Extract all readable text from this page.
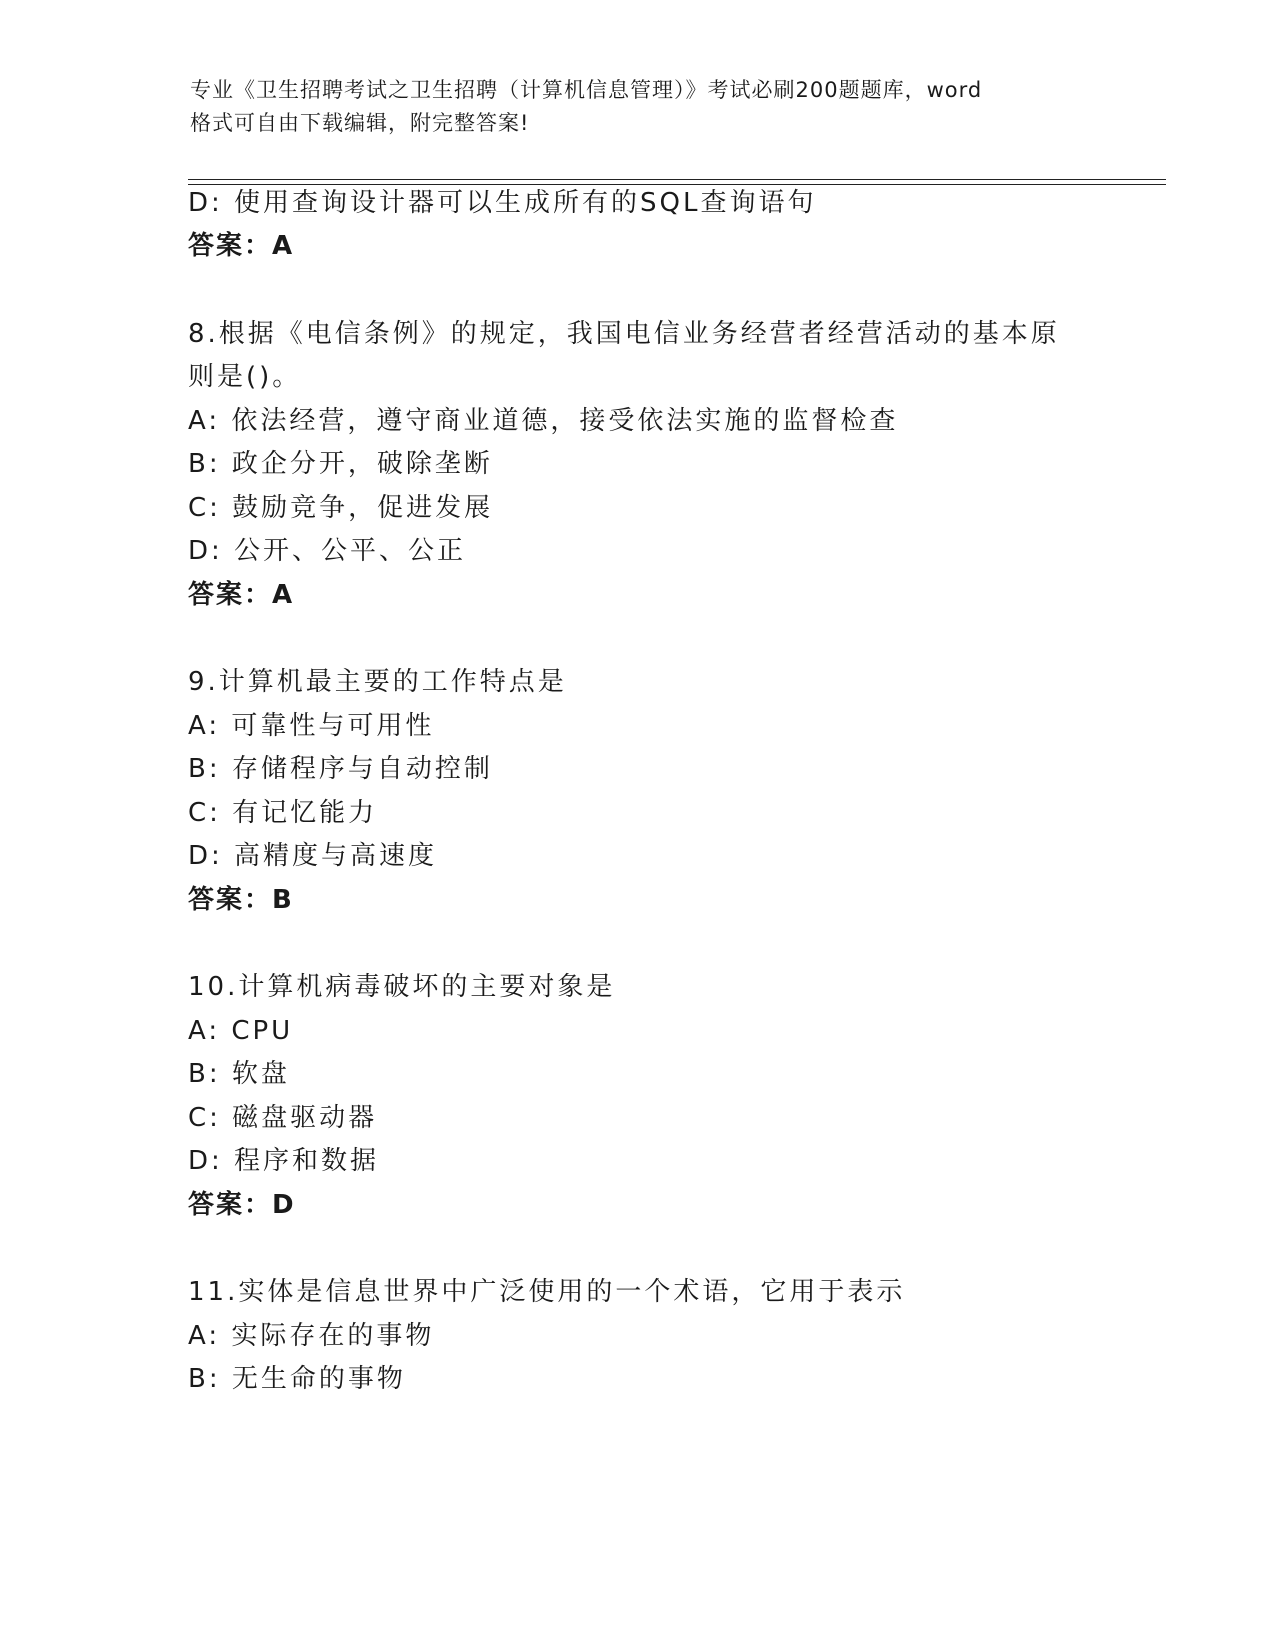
专业《卫生招聘考试之卫生招聘（计算机信息管理）》考试必刷200题题库，word
格式可自由下载编辑，附完整答案!
D: 使用查询设计器可以生成所有的SQL查询语句
答案：A
8.根据《电信条例》的规定，我国电信业务经营者经营活动的基本原
则是()。
A: 依法经营，遵守商业道德，接受依法实施的监督检查
B: 政企分开，破除垄断
C: 鼓励竞争，促进发展
D: 公开、公平、公正
答案：A
9.计算机最主要的工作特点是
A: 可靠性与可用性
B: 存储程序与自动控制
C: 有记忆能力
D: 高精度与高速度
答案：B
10.计算机病毒破坏的主要对象是
A: CPU
B: 软盘
C: 磁盘驱动器
D: 程序和数据
答案：D
11.实体是信息世界中广泛使用的一个术语，它用于表示
A: 实际存在的事物
B: 无生命的事物
